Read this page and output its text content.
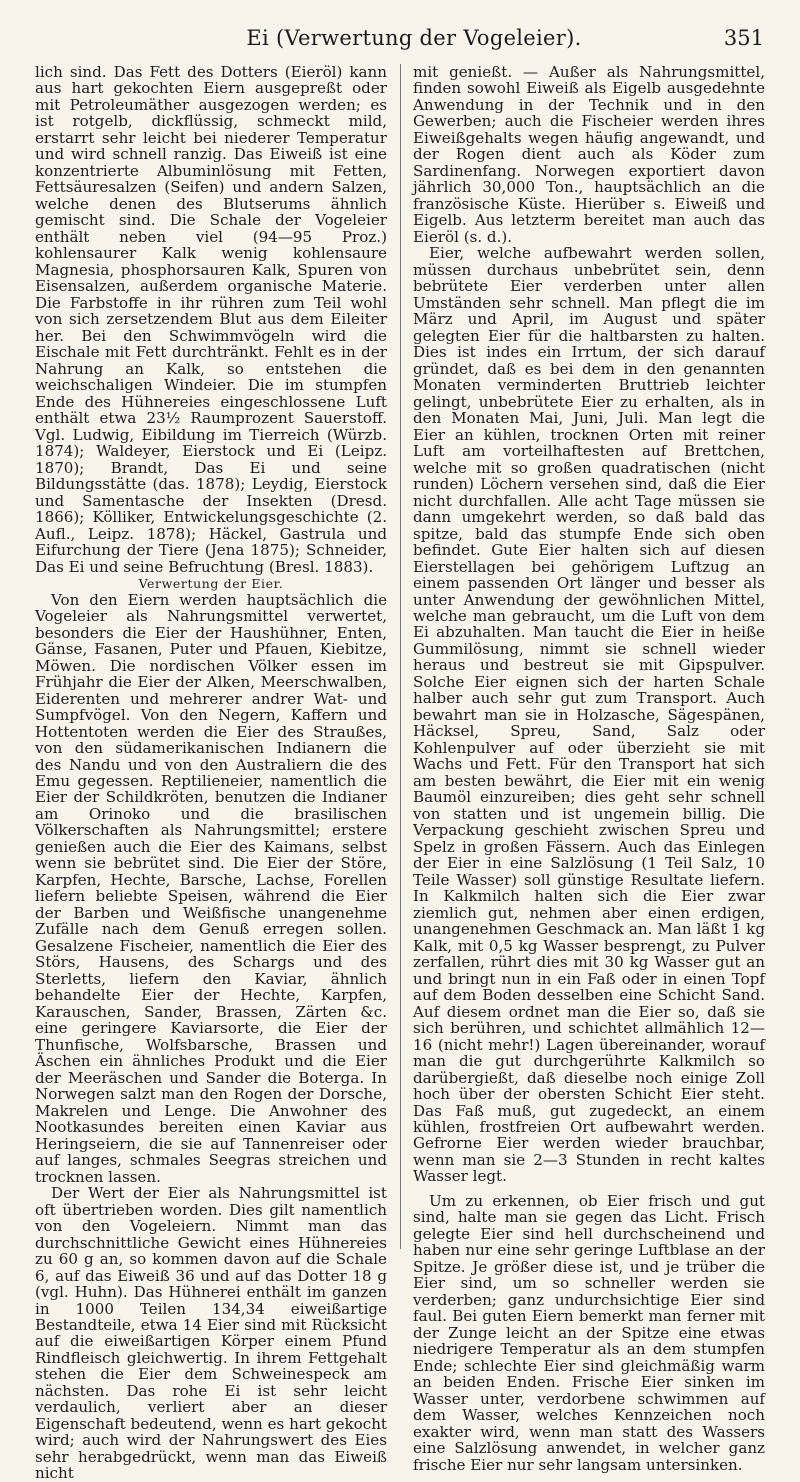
Ei (Verwertung der Vogeleier).	351

lich sind. Das Fett des Dotters (Eieröl) kann aus hart gekochten Eiern ausgepreßt oder mit Petroleumäther ausgezogen werden; es ist rotgelb, dickflüssig, schmeckt mild, erstarrt sehr leicht bei niederer Temperatur und wird schnell ranzig. Das Eiweiß ist eine konzentrierte Albuminlösung mit Fetten, Fettsäuresalzen (Seifen) und andern Salzen, welche denen des Blutserums ähnlich gemischt sind. Die Schale der Vogeleier enthält neben viel (94—95 Proz.) kohlensaurer Kalk wenig kohlensaure Magnesia, phosphorsauren Kalk, Spuren von Eisensalzen, außerdem organische Materie. Die Farbstoffe in ihr rühren zum Teil wohl von sich zersetzendem Blut aus dem Eileiter her. Bei den Schwimmvögeln wird die Eischale mit Fett durchtränkt. Fehlt es in der Nahrung an Kalk, so entstehen die weichschaligen Windeier. Die im stumpfen Ende des Hühnereies eingeschlossene Luft enthält etwa 23½ Raumprozent Sauerstoff. Vgl. Ludwig, Eibildung im Tierreich (Würzb. 1874); Waldeyer, Eierstock und Ei (Leipz. 1870); Brandt, Das Ei und seine Bildungsstätte (das. 1878); Leydig, Eierstock und Samentasche der Insekten (Dresd. 1866); Kölliker, Entwickelungsgeschichte (2. Aufl., Leipz. 1878); Häckel, Gastrula und Eifurchung der Tiere (Jena 1875); Schneider, Das Ei und seine Befruchtung (Bresl. 1883).

Verwertung der Eier.

Von den Eiern werden hauptsächlich die Vogeleier als Nahrungsmittel verwertet, besonders die Eier der Haushühner, Enten, Gänse, Fasanen, Puter und Pfauen, Kiebitze, Möwen. Die nordischen Völker essen im Frühjahr die Eier der Alken, Meerschwalben, Eiderenten und mehrerer andrer Wat- und Sumpfvögel. Von den Negern, Kaffern und Hottentoten werden die Eier des Straußes, von den südamerikanischen Indianern die des Nandu und von den Australiern die des Emu gegessen. Reptilieneier, namentlich die Eier der Schildkröten, benutzen die Indianer am Orinoko und die brasilischen Völkerschaften als Nahrungsmittel; erstere genießen auch die Eier des Kaimans, selbst wenn sie bebrütet sind. Die Eier der Störe, Karpfen, Hechte, Barsche, Lachse, Forellen liefern beliebte Speisen, während die Eier der Barben und Weißfische unangenehme Zufälle nach dem Genuß erregen sollen. Gesalzene Fischeier, namentlich die Eier des Störs, Hausens, des Schargs und des Sterletts, liefern den Kaviar, ähnlich behandelte Eier der Hechte, Karpfen, Karauschen, Sander, Brassen, Zärten &c. eine geringere Kaviarsorte, die Eier der Thunfische, Wolfsbarsche, Brassen und Äschen ein ähnliches Produkt und die Eier der Meeräschen und Sander die Boterga. In Norwegen salzt man den Rogen der Dorsche, Makrelen und Lenge. Die Anwohner des Nootkasundes bereiten einen Kaviar aus Heringseiern, die sie auf Tannenreiser oder auf langes, schmales Seegras streichen und trocknen lassen.

Der Wert der Eier als Nahrungsmittel ist oft übertrieben worden. Dies gilt namentlich von den Vogeleiern. Nimmt man das durchschnittliche Gewicht eines Hühnereies zu 60 g an, so kommen davon auf die Schale 6, auf das Eiweiß 36 und auf das Dotter 18 g (vgl. Huhn). Das Hühnerei enthält im ganzen in 1000 Teilen 134,34 eiweißartige Bestandteile, etwa 14 Eier sind mit Rücksicht auf die eiweißartigen Körper einem Pfund Rindfleisch gleichwertig. In ihrem Fettgehalt stehen die Eier dem Schweinespeck am nächsten. Das rohe Ei ist sehr leicht verdaulich, verliert aber an dieser Eigenschaft bedeutend, wenn es hart gekocht wird; auch wird der Nahrungswert des Eies sehr herabgedrückt, wenn man das Eiweiß nicht

mit genießt. — Außer als Nahrungsmittel, finden sowohl Eiweiß als Eigelb ausgedehnte Anwendung in der Technik und in den Gewerben; auch die Fischeier werden ihres Eiweißgehalts wegen häufig angewandt, und der Rogen dient auch als Köder zum Sardinenfang. Norwegen exportiert davon jährlich 30,000 Ton., hauptsächlich an die französische Küste. Hierüber s. Eiweiß und Eigelb. Aus letzterm bereitet man auch das Eieröl (s. d.).

Eier, welche aufbewahrt werden sollen, müssen durchaus unbebrütet sein, denn bebrütete Eier verderben unter allen Umständen sehr schnell. Man pflegt die im März und April, im August und später gelegten Eier für die haltbarsten zu halten. Dies ist indes ein Irrtum, der sich darauf gründet, daß es bei dem in den genannten Monaten verminderten Bruttrieb leichter gelingt, unbebrütete Eier zu erhalten, als in den Monaten Mai, Juni, Juli. Man legt die Eier an kühlen, trocknen Orten mit reiner Luft am vorteilhaftesten auf Brettchen, welche mit so großen quadratischen (nicht runden) Löchern versehen sind, daß die Eier nicht durchfallen. Alle acht Tage müssen sie dann umgekehrt werden, so daß bald das spitze, bald das stumpfe Ende sich oben befindet. Gute Eier halten sich auf diesen Eierstellagen bei gehörigem Luftzug an einem passenden Ort länger und besser als unter Anwendung der gewöhnlichen Mittel, welche man gebraucht, um die Luft von dem Ei abzuhalten. Man taucht die Eier in heiße Gummilösung, nimmt sie schnell wieder heraus und bestreut sie mit Gipspulver. Solche Eier eignen sich der harten Schale halber auch sehr gut zum Transport. Auch bewahrt man sie in Holzasche, Sägespänen, Häcksel, Spreu, Sand, Salz oder Kohlenpulver auf oder überzieht sie mit Wachs und Fett. Für den Transport hat sich am besten bewährt, die Eier mit ein wenig Baumöl einzureiben; dies geht sehr schnell von statten und ist ungemein billig. Die Verpackung geschieht zwischen Spreu und Spelz in großen Fässern. Auch das Einlegen der Eier in eine Salzlösung (1 Teil Salz, 10 Teile Wasser) soll günstige Resultate liefern. In Kalkmilch halten sich die Eier zwar ziemlich gut, nehmen aber einen erdigen, unangenehmen Geschmack an. Man läßt 1 kg Kalk, mit 0,5 kg Wasser besprengt, zu Pulver zerfallen, rührt dies mit 30 kg Wasser gut an und bringt nun in ein Faß oder in einen Topf auf dem Boden desselben eine Schicht Sand. Auf diesem ordnet man die Eier so, daß sie sich berühren, und schichtet allmählich 12—16 (nicht mehr!) Lagen übereinander, worauf man die gut durchgerührte Kalkmilch so darübergießt, daß dieselbe noch einige Zoll hoch über der obersten Schicht Eier steht. Das Faß muß, gut zugedeckt, an einem kühlen, frostfreien Ort aufbewahrt werden. Gefrorne Eier werden wieder brauchbar, wenn man sie 2—3 Stunden in recht kaltes Wasser legt.

Um zu erkennen, ob Eier frisch und gut sind, halte man sie gegen das Licht. Frisch gelegte Eier sind hell durchscheinend und haben nur eine sehr geringe Luftblase an der Spitze. Je größer diese ist, und je trüber die Eier sind, um so schneller werden sie verderben; ganz undurchsichtige Eier sind faul. Bei guten Eiern bemerkt man ferner mit der Zunge leicht an der Spitze eine etwas niedrigere Temperatur als an dem stumpfen Ende; schlechte Eier sind gleichmäßig warm an beiden Enden. Frische Eier sinken im Wasser unter, verdorbene schwimmen auf dem Wasser, welches Kennzeichen noch exakter wird, wenn man statt des Wassers eine Salzlösung anwendet, in welcher ganz frische Eier nur sehr langsam untersinken.
